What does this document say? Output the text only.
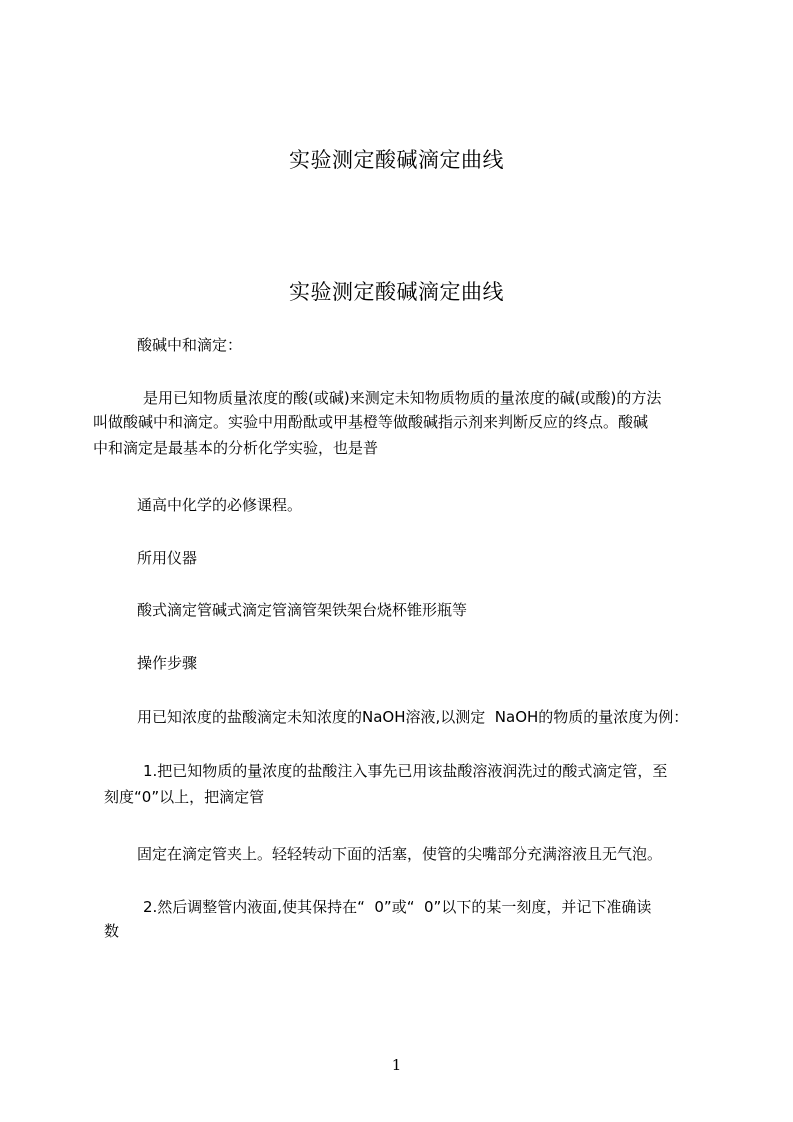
实验测定酸碱滴定曲线
实验测定酸碱滴定曲线
酸碱中和滴定：
是用已知物质量浓度的酸(或碱)来测定未知物质物质的量浓度的碱(或酸)的方法
叫做酸碱中和滴定。实验中用酚酞或甲基橙等做酸碱指示剂来判断反应的终点。酸碱
中和滴定是最基本的分析化学实验，也是普
通高中化学的必修课程。
所用仪器
酸式滴定管碱式滴定管滴管架铁架台烧杯锥形瓶等
操作步骤
用已知浓度的盐酸滴定未知浓度的NaOH溶液,以测定  NaOH的物质的量浓度为例：
1.把已知物质的量浓度的盐酸注入事先已用该盐酸溶液润洗过的酸式滴定管，至
刻度“0”以上，把滴定管
固定在滴定管夹上。轻轻转动下面的活塞，使管的尖嘴部分充满溶液且无气泡。
2.然后调整管内液面,使其保持在“  0”或“  0”以下的某一刻度，并记下准确读
数
1
